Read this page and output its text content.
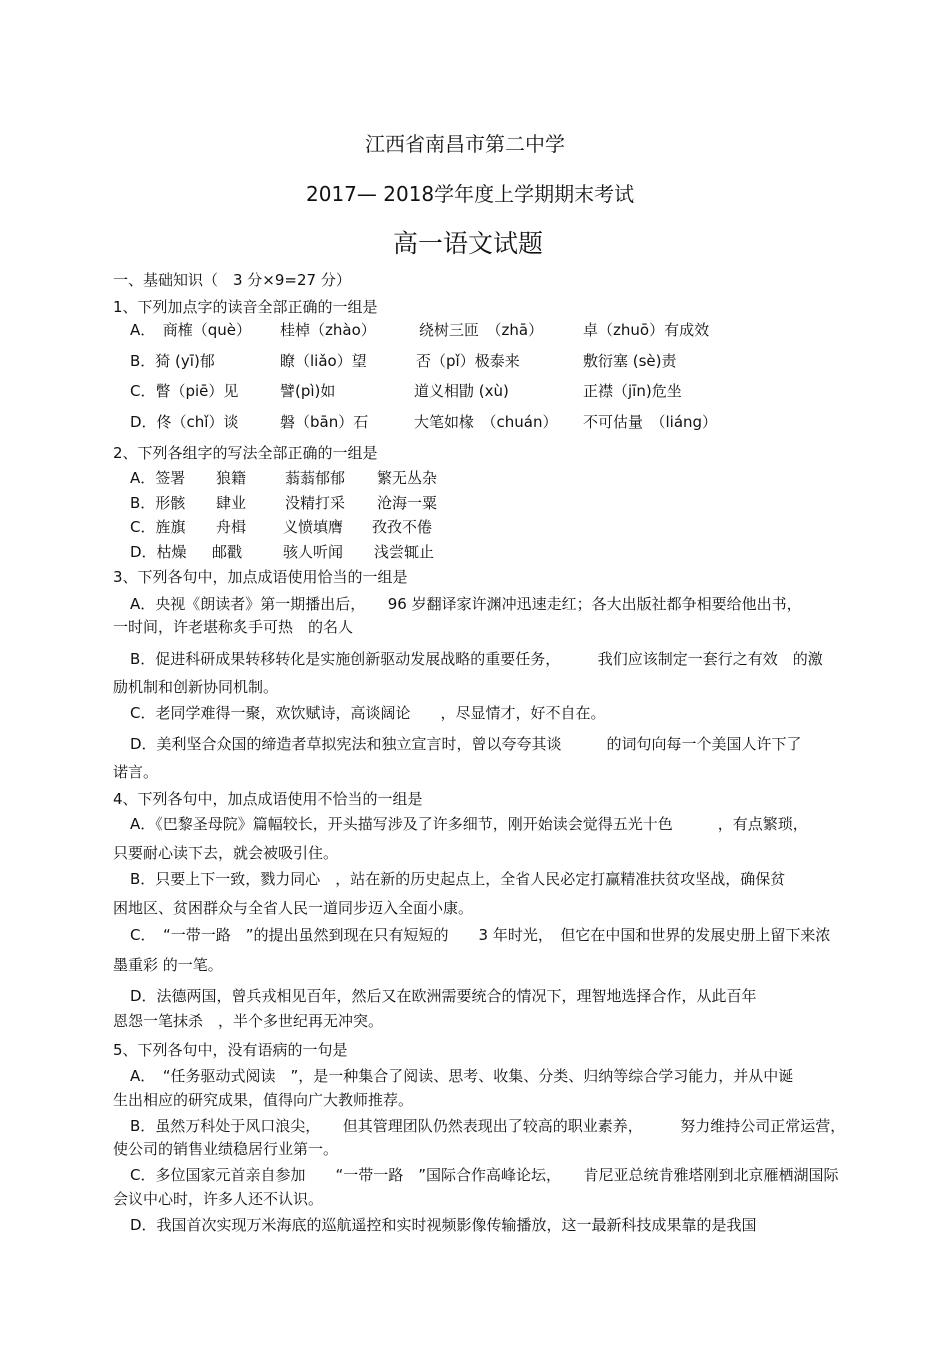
江西省南昌市第二中学
2017— 2018学年度上学期期末考试
高一语文试题
一、基础知识（　3 分×9=27 分）
1、下列加点字的读音全部正确的一组是
A．　商榷（què） 桂棹（zhào）	绕树三匝　（zhā）	卓（zhuō）有成效
B．猗 (yī)郁	瞭（liǎo）望	否（pǐ）极泰来	敷衍塞 (sè)责
C．瞥（piē）见	譬(pì)如	道义相勖 (xù)	正襟（jīn)危坐
D．佟（chǐ）谈	磐（bān）石	大笔如椽　（chuán） 不可估量　（liáng）
2、下列各组字的写法全部正确的一组是
A．签署 狼籍	蓊蓊郁郁 繁无丛杂
B．形骸 肆业	没精打采 沧海一粟
C．旌旗 舟楫 义愤填膺 孜孜不倦
D．枯燥 邮戳	骇人听闻 浅尝辄止
3、下列各句中，加点成语使用恰当的一组是
A．央视《朗读者》第一期播出后，　　96 岁翻译家许渊冲迅速走红；各大出版社都争相要给他出书，
一时间，许老堪称炙手可热　的名人
B．促进科研成果转移转化是实施创新驱动发展战略的重要任务，　　　我们应该制定一套行之有效　的激
励机制和创新协同机制。
C．老同学难得一聚，欢饮赋诗，高谈阔论　　，尽显情才，好不自在。
D．美利坚合众国的缔造者草拟宪法和独立宣言时，曾以夸夸其谈　　　的词句向每一个美国人许下了
诺言。
4、下列各句中，加点成语使用不恰当的一组是
A．《巴黎圣母院》篇幅较长，开头描写涉及了许多细节，刚开始读会觉得五光十色　　　，有点繁琐，
只要耐心读下去，就会被吸引住。
B．只要上下一致，戮力同心　，站在新的历史起点上，全省人民必定打赢精准扶贫攻坚战，确保贫
困地区、贫困群众与全省人民一道同步迈入全面小康。
C．　“一带一路　”的提出虽然到现在只有短短的　　3 年时光，　但它在中国和世界的发展史册上留下来浓
墨重彩 的一笔。
D．法德两国，曾兵戎相见百年，然后又在欧洲需要统合的情况下，理智地选择合作，从此百年
恩怨一笔抹杀　，半个多世纪再无冲突。
5、下列各句中，没有语病的一句是
A．　“任务驱动式阅读　”，是一种集合了阅读、思考、收集、分类、归纳等综合学习能力，并从中诞
生出相应的研究成果，值得向广大教师推荐。
B．虽然万科处于风口浪尖，　　但其管理团队仍然表现出了较高的职业素养，　　　努力维持公司正常运营，
使公司的销售业绩稳居行业第一。
C．多位国家元首亲自参加　　“一带一路　”国际合作高峰论坛，　　肯尼亚总统肯雅塔刚到北京雁栖湖国际
会议中心时，许多人还不认识。
D．我国首次实现万米海底的巡航遥控和实时视频影像传输播放，这一最新科技成果靠的是我国
